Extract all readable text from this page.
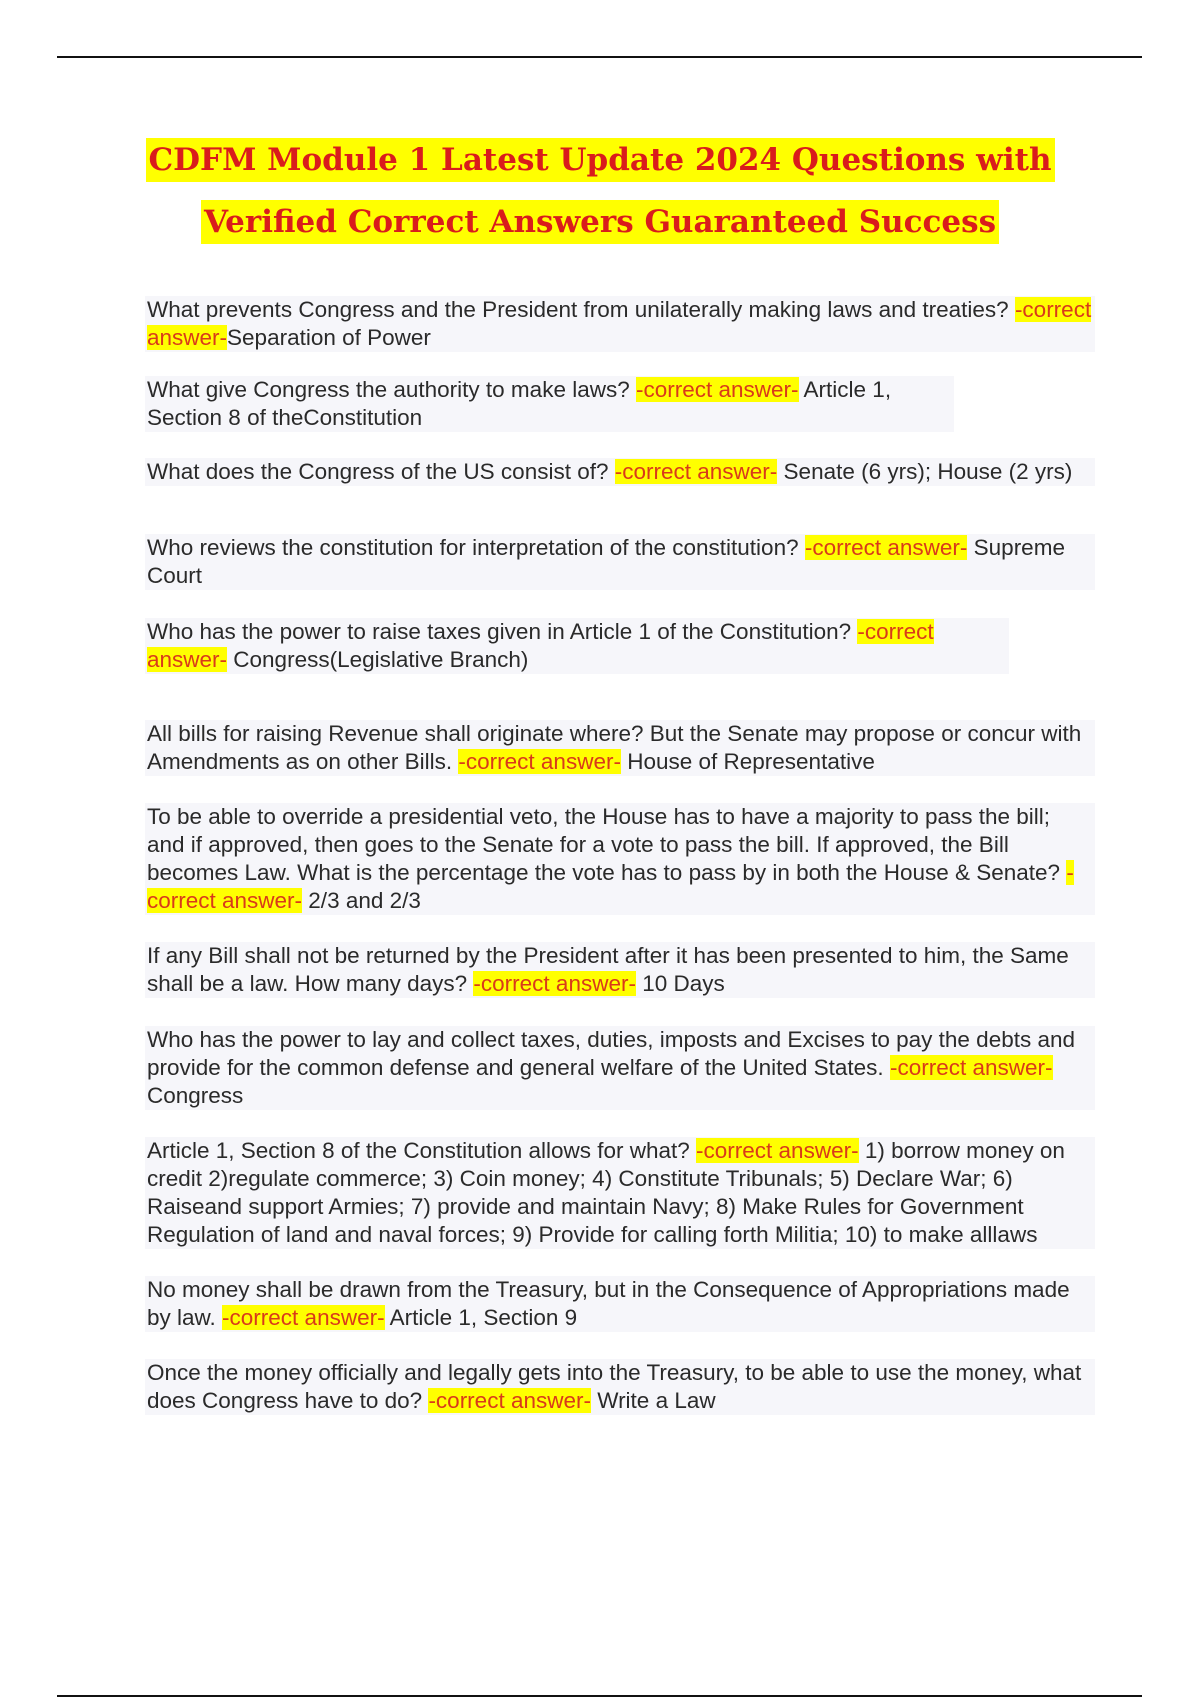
CDFM Module 1 Latest Update 2024 Questions with
Verified Correct Answers Guaranteed Success
What prevents Congress and the President from unilaterally making laws and treaties? -correct answer-Separation of Power
What give Congress the authority to make laws? -correct answer- Article 1, Section 8 of theConstitution
What does the Congress of the US consist of? -correct answer- Senate (6 yrs); House (2 yrs)
Who reviews the constitution for interpretation of the constitution? -correct answer- Supreme Court
Who has the power to raise taxes given in Article 1 of the Constitution? -correct answer- Congress(Legislative Branch)
All bills for raising Revenue shall originate where? But the Senate may propose or concur with Amendments as on other Bills. -correct answer- House of Representative
To be able to override a presidential veto, the House has to have a majority to pass the bill; and if approved, then goes to the Senate for a vote to pass the bill. If approved, the Bill becomes Law. What is the percentage the vote has to pass by in both the House & Senate? -correct answer- 2/3 and 2/3
If any Bill shall not be returned by the President after it has been presented to him, the Same shall be a law. How many days? -correct answer- 10 Days
Who has the power to lay and collect taxes, duties, imposts and Excises to pay the debts and provide for the common defense and general welfare of the United States. -correct answer-Congress
Article 1, Section 8 of the Constitution allows for what? -correct answer- 1) borrow money on credit 2)regulate commerce; 3) Coin money; 4) Constitute Tribunals; 5) Declare War; 6) Raiseand support Armies; 7) provide and maintain Navy; 8) Make Rules for Government Regulation of land and naval forces; 9) Provide for calling forth Militia; 10) to make alllaws
No money shall be drawn from the Treasury, but in the Consequence of Appropriations made by law. -correct answer- Article 1, Section 9
Once the money officially and legally gets into the Treasury, to be able to use the money, what does Congress have to do? -correct answer- Write a Law
